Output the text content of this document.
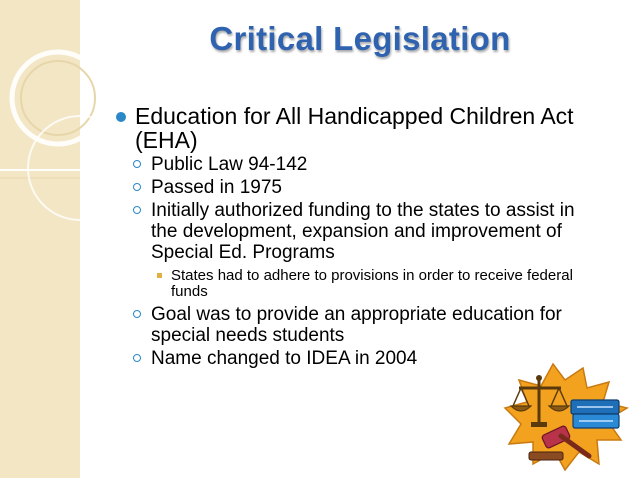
Critical Legislation
Education for All Handicapped Children Act (EHA)
Public Law 94-142
Passed in 1975
Initially authorized funding to the states to assist in the development, expansion and improvement of Special Ed. Programs
States had to adhere to provisions in order to receive federal funds
Goal was to provide an appropriate education for special needs students
Name changed to IDEA in 2004
